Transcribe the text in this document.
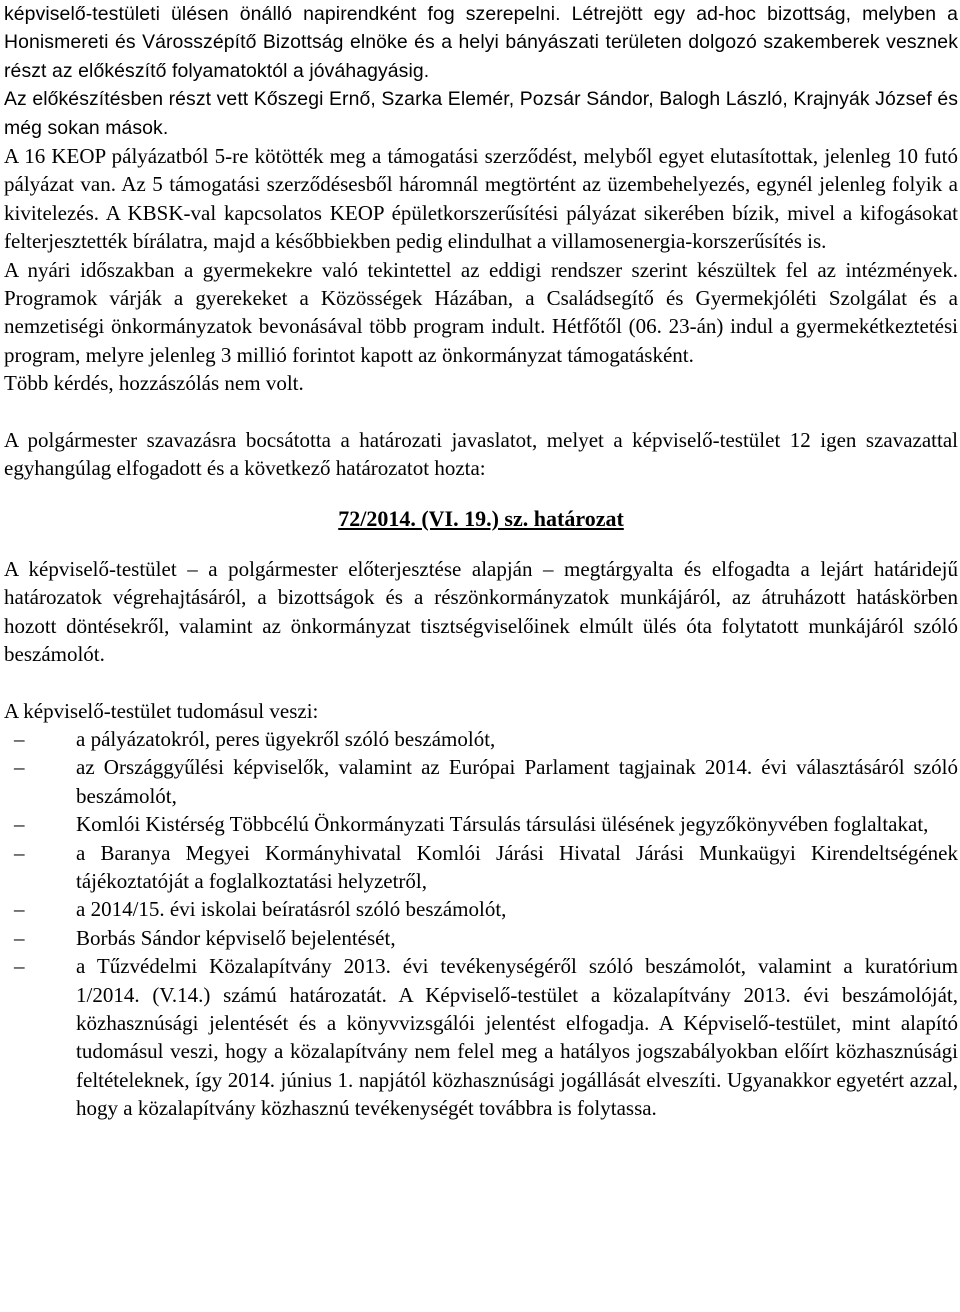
képviselő-testületi ülésen önálló napirendként fog szerepelni. Létrejött egy ad-hoc bizottság, melyben a Honismereti és Városszépítő Bizottság elnöke és a helyi bányászati területen dolgozó szakemberek vesznek részt az előkészítő folyamatoktól a jóváhagyásig.

Az előkészítésben részt vett Kőszegi Ernő, Szarka Elemér, Pozsár Sándor, Balogh László, Krajnyák József és még sokan mások.

A 16 KEOP pályázatból 5-re kötötték meg a támogatási szerződést, melyből egyet elutasítottak, jelenleg 10 futó pályázat van. Az 5 támogatási szerződésesből háromnál megtörtént az üzembehelyezés, egynél jelenleg folyik a kivitelezés. A KBSK-val kapcsolatos KEOP épületkorszerűsítési pályázat sikerében bízik, mivel a kifogásokat felterjesztették bírálatra, majd a későbbiekben pedig elindulhat a villamosenergia-korszerűsítés is.

A nyári időszakban a gyermekekre való tekintettel az eddigi rendszer szerint készültek fel az intézmények. Programok várják a gyerekeket a Közösségek Házában, a Családsegítő és Gyermekjóléti Szolgálat és a nemzetiségi önkormányzatok bevonásával több program indult. Hétfőtől (06. 23-án) indul a gyermekétkeztetési program, melyre jelenleg 3 millió forintot kapott az önkormányzat támogatásként.

Több kérdés, hozzászólás nem volt.

A polgármester szavazásra bocsátotta a határozati javaslatot, melyet a képviselő-testület 12 igen szavazattal egyhangúlag elfogadott és a következő határozatot hozta:

72/2014. (VI. 19.) sz. határozat

A képviselő-testület – a polgármester előterjesztése alapján – megtárgyalta és elfogadta a lejárt határidejű határozatok végrehajtásáról, a bizottságok és a részönkormányzatok munkájáról, az átruházott hatáskörben hozott döntésekről, valamint az önkormányzat tisztségviselőinek elmúlt ülés óta folytatott munkájáról szóló beszámolót.

A képviselő-testület tudomásul veszi:

– a pályázatokról, peres ügyekről szóló beszámolót,
– az Országgyűlési képviselők, valamint az Európai Parlament tagjainak 2014. évi választásáról szóló beszámolót,
– Komlói Kistérség Többcélú Önkormányzati Társulás társulási ülésének jegyzőkönyvében foglaltakat,
– a Baranya Megyei Kormányhivatal Komlói Járási Hivatal Járási Munkaügyi Kirendeltségének tájékoztatóját a foglalkoztatási helyzetről,
– a 2014/15. évi iskolai beíratásról szóló beszámolót,
– Borbás Sándor képviselő bejelentését,
– a Tűzvédelmi Közalapítvány 2013. évi tevékenységéről szóló beszámolót, valamint a kuratórium 1/2014. (V.14.) számú határozatát. A Képviselő-testület a közalapítvány 2013. évi beszámolóját, közhasznúsági jelentését és a könyvvizsgálói jelentést elfogadja. A Képviselő-testület, mint alapító tudomásul veszi, hogy a közalapítvány nem felel meg a hatályos jogszabályokban előírt közhasznúsági feltételeknek, így 2014. június 1. napjától közhasznúsági jogállását elveszíti. Ugyanakkor egyetért azzal, hogy a közalapítvány közhasznú tevékenységét továbbra is folytassa.
